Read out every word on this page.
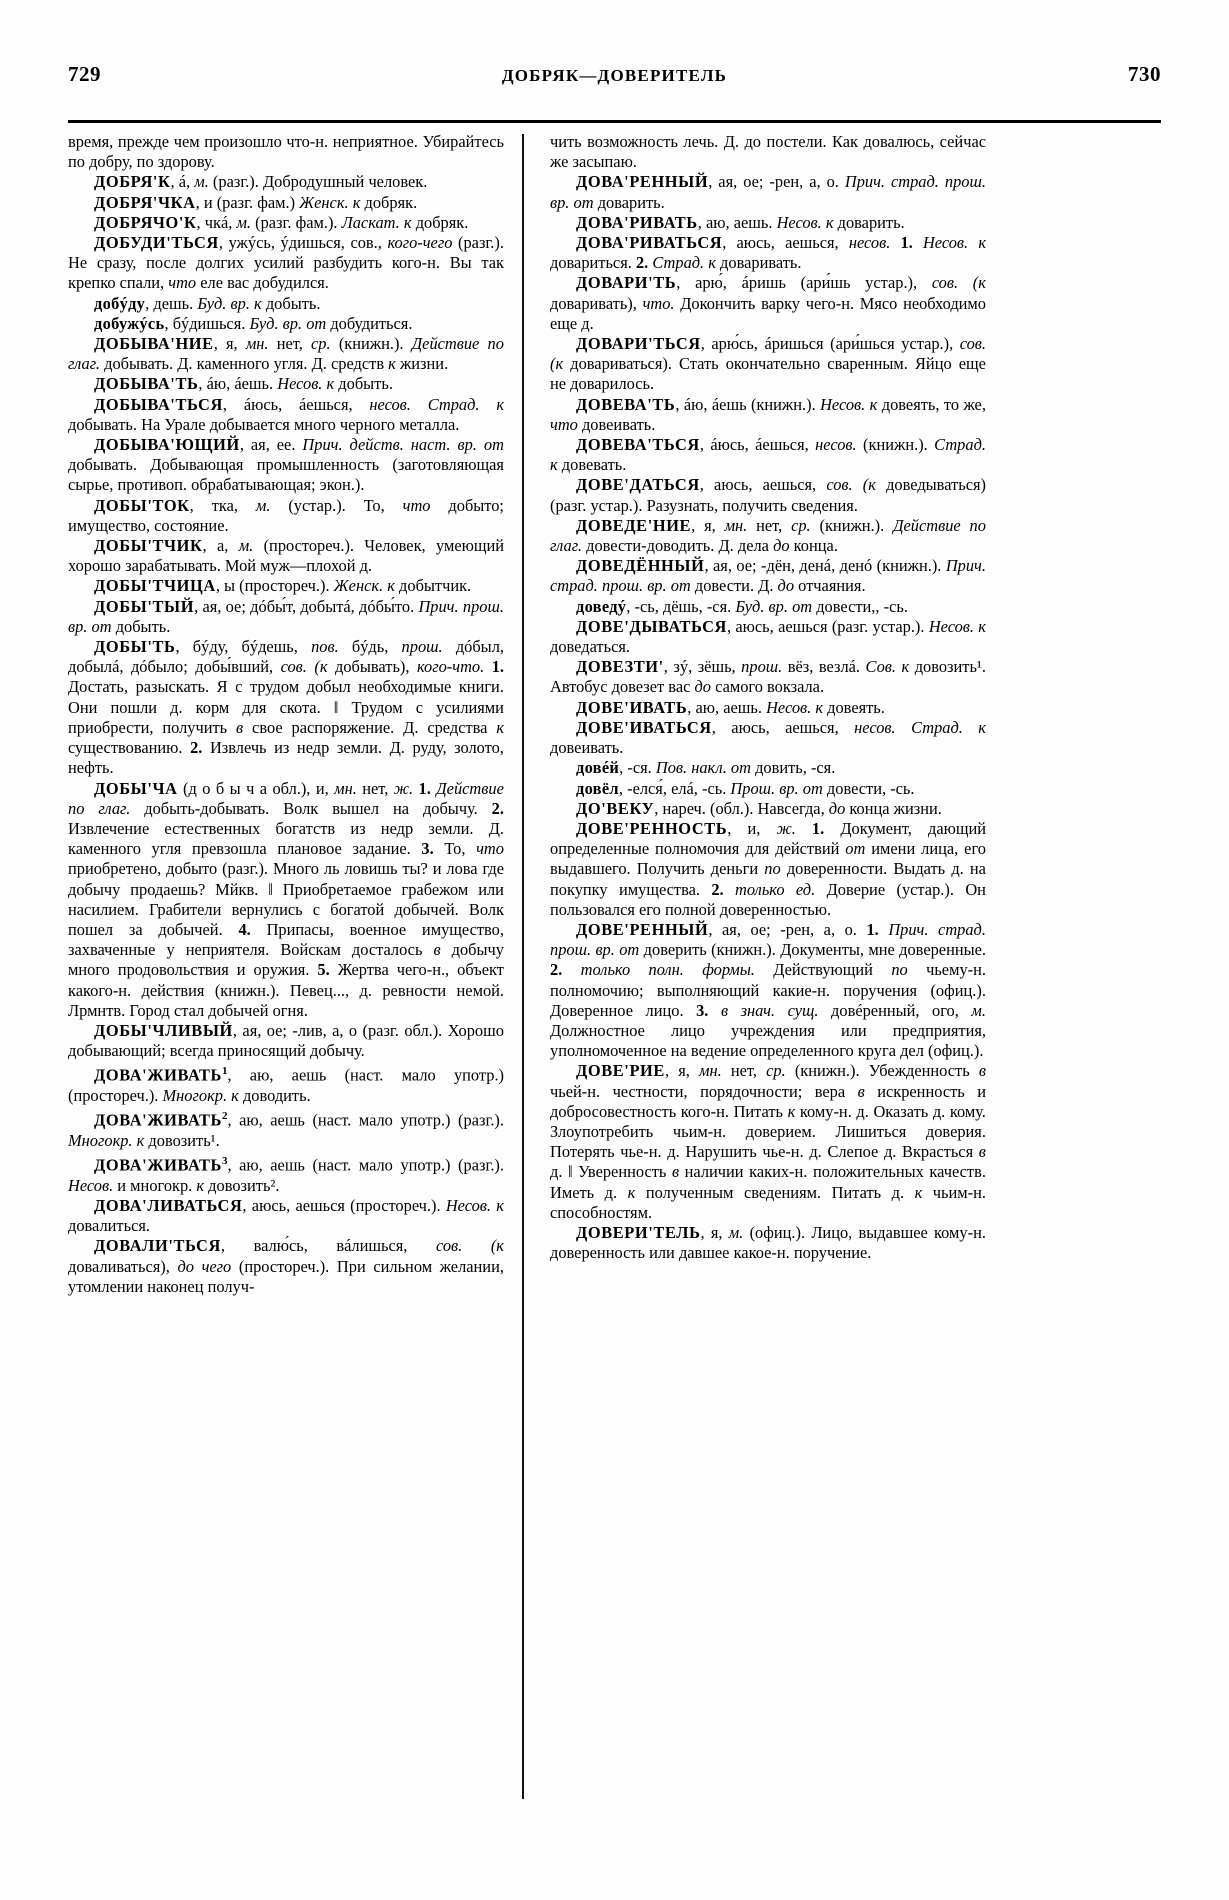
729	ДОБРЯК—ДОВЕРИТЕЛЬ	730

время, прежде чем произошло что-н. неприятное. Убирайтесь по добру, по здорову.

ДОБРЯ'К, á, м. (разг.). Добродушный человек.

ДОБРЯ'ЧКА, и (разг. фам.) Женск. к добряк.

ДОБРЯЧО'К, чкá, м. (разг. фам.). Ласкат. к добряк.

ДОБУДИ'ТЬСЯ, ужýсь, ýдишься, сов., кого-чего (разг.). Не сразу, после долгих усилий разбудить кого-н. Вы так крепко спали, что еле вас добудился.

добýду, дешь. Буд. вр. к добыть.

добужýсь, бýдишься. Буд. вр. от добудиться.

ДОБЫВА'НИЕ, я, мн. нет, ср. (книжн.). Действие по глаг. добывать. Д. каменного угля. Д. средств к жизни.

ДОБЫВА'ТЬ, áю, áешь. Несов. к добыть.

ДОБЫВА'ТЬСЯ, áюсь, áешься, несов. Страд. к добывать. На Урале добывается много черного металла.

ДОБЫВА'ЮЩИЙ, ая, ее. Прич. действ. наст. вр. от добывать. Добывающая промышленность (заготовляющая сырье, противоп. обрабатывающая; экон.).

ДОБЫ'ТОК, тка, м. (устар.). То, что добыто; имущество, состояние.

ДОБЫ'ТЧИК, а, м. (простореч.). Человек, умеющий хорошо зарабатывать. Мой муж—плохой д.

ДОБЫ'ТЧИЦА, ы (простореч.). Женск. к добытчик.

ДОБЫ'ТЫЙ, ая, ое; дóбы́т, добытá, дóбы́то. Прич. прош. вр. от добыть.

ДОБЫ'ТЬ, бýду, бýдешь, пов. бýдь, прош. дóбыл, добылá, дóбыло; добы́вший, сов. (к добывать), кого-что. 1. Достать, разыскать. Я с трудом добыл необходимые книги. Они пошли д. корм для скота. ‖ Трудом с усилиями приобрести, получить в свое распоряжение. Д. средства к существованию. 2. Извлечь из недр земли. Д. руду, золото, нефть.

ДОБЫ'ЧА (д о б ы ч а обл.), и, мн. нет, ж. 1. Действие по глаг. добыть-добывать. Волк вышел на добычу. 2. Извлечение естественных богатств из недр земли. Д. каменного угля превзошла плановое задание. 3. То, что приобретено, добыто (разг.). Много ль ловишь ты? и лова где добычу продаешь? Мйкв. ‖ Приобретаемое грабежом или насилием. Грабители вернулись с богатой добычей. Волк пошел за добычей. 4. Припасы, военное имущество, захваченные у неприятеля. Войскам досталось в добычу много продовольствия и оружия. 5. Жертва чего-н., объект какого-н. действия (книжн.). Певец..., д. ревности немой. Лрмнтв. Город стал добычей огня.

ДОБЫ'ЧЛИВЫЙ, ая, ое; -лив, а, о (разг. обл.). Хорошо добывающий; всегда приносящий добычу.

ДОВА'ЖИВАТЬ$^1$, аю, аешь (наст. мало употр.) (простореч.). Многокр. к доводить.

ДОВА'ЖИВАТЬ$^2$, аю, аешь (наст. мало употр.) (разг.). Многокр. к довозить¹.

ДОВА'ЖИВАТЬ$^3$, аю, аешь (наст. мало употр.) (разг.). Несов. и многокр. к довозить².

ДОВА'ЛИВАТЬСЯ, аюсь, аешься (простореч.). Несов. к довалиться.

ДОВАЛИ'ТЬСЯ, валю́сь, вáлишься, сов. (к доваливаться), до чего (простореч.). При сильном желании, утомлении наконец получ-

чить возможность лечь. Д. до постели. Как довалюсь, сейчас же засыпаю.

ДОВА'РЕННЫЙ, ая, ое; -рен, а, о. Прич. страд. прош. вр. от доварить.

ДОВА'РИВАТЬ, аю, аешь. Несов. к доварить.

ДОВА'РИВАТЬСЯ, аюсь, аешься, несов. 1. Несов. к довариться. 2. Страд. к доваривать.

ДОВАРИ'ТЬ, арю́, áришь (ари́шь устар.), сов. (к доваривать), что. Докончить варку чего-н. Мясо необходимо еще д.

ДОВАРИ'ТЬСЯ, арю́сь, áришься (ари́шься устар.), сов. (к довариваться). Стать окончательно сваренным. Яйцо еще не доварилось.

ДОВЕВА'ТЬ, áю, áешь (книжн.). Несов. к довеять, то же, что довеивать.

ДОВЕВА'ТЬСЯ, áюсь, áешься, несов. (книжн.). Страд. к довевать.

ДОВЕ'ДАТЬСЯ, аюсь, аешься, сов. (к доведываться) (разг. устар.). Разузнать, получить сведения.

ДОВЕДЕ'НИЕ, я, мн. нет, ср. (книжн.). Действие по глаг. довести-доводить. Д. дела до конца.

ДОВЕДЁННЫЙ, ая, ое; -дён, денá, денó (книжн.). Прич. страд. прош. вр. от довести. Д. до отчаяния.

доведý, -сь, дёшь, -ся. Буд. вр. от довести,, -сь.

ДОВЕ'ДЫВАТЬСЯ, аюсь, аешься (разг. устар.). Несов. к доведаться.

ДОВЕЗТИ', зý, зёшь, прош. вёз, везлá. Сов. к довозить¹. Автобус довезет вас до самого вокзала.

ДОВЕ'ИВАТЬ, аю, аешь. Несов. к довеять.

ДОВЕ'ИВАТЬСЯ, аюсь, аешься, несов. Страд. к довеивать.

довéй, -ся. Пов. накл. от довить, -ся.

довёл, -елся́, елá, -сь. Прош. вр. от довести, -сь.

ДО'ВЕКУ, нареч. (обл.). Навсегда, до конца жизни.

ДОВЕ'РЕННОСТЬ, и, ж. 1. Документ, дающий определенные полномочия для действий от имени лица, его выдавшего. Получить деньги по доверенности. Выдать д. на покупку имущества. 2. только ед. Доверие (устар.). Он пользовался его полной доверенностью.

ДОВЕ'РЕННЫЙ, ая, ое; -рен, а, о. 1. Прич. страд. прош. вр. от доверить (книжн.). Документы, мне доверенные. 2. только полн. формы. Действующий по чьему-н. полномочию; выполняющий какие-н. поручения (офиц.). Доверенное лицо. 3. в знач. сущ. довéренный, ого, м. Должностное лицо учреждения или предприятия, уполномоченное на ведение определенного круга дел (офиц.).

ДОВЕ'РИЕ, я, мн. нет, ср. (книжн.). Убежденность в чьей-н. честности, порядочности; вера в искренность и добросовестность кого-н. Питать к кому-н. д. Оказать д. кому. Злоупотребить чьим-н. доверием. Лишиться доверия. Потерять чье-н. д. Нарушить чье-н. д. Слепое д. Вкрасться в д. ‖ Уверенность в наличии каких-н. положительных качеств. Иметь д. к полученным сведениям. Питать д. к чьим-н. способностям.

ДОВЕРИ'ТЕЛЬ, я, м. (офиц.). Лицо, выдавшее кому-н. доверенность или давшее какое-н. поручение.
